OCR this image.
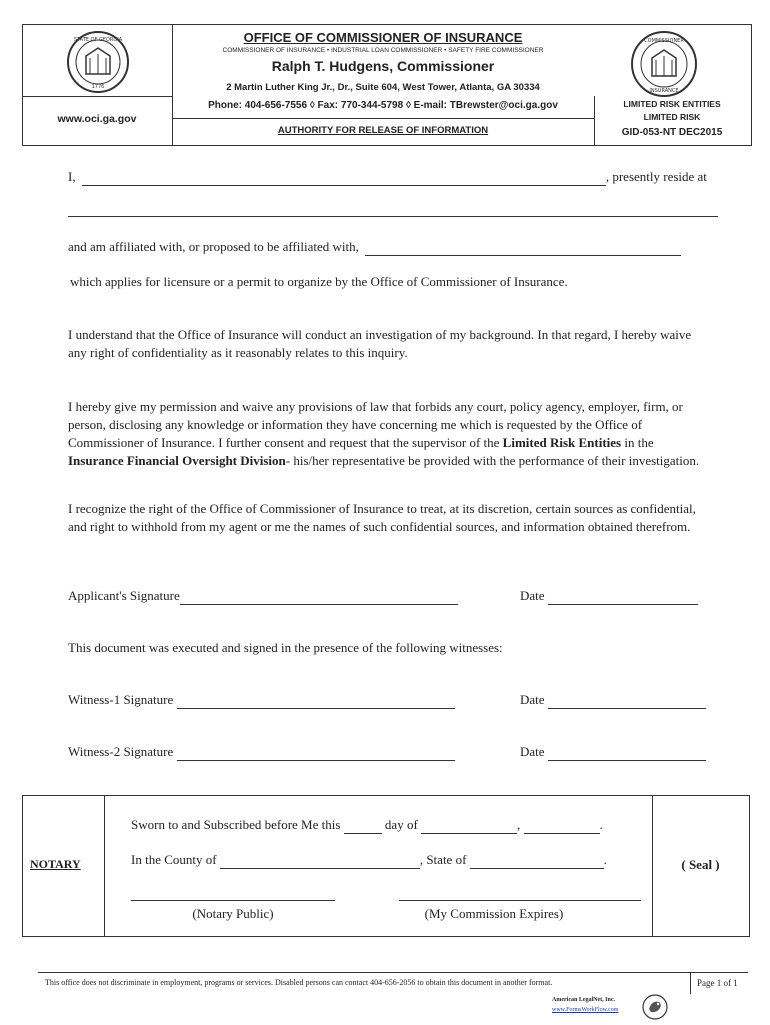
STATE OF GEORGIA
1776
COMMISSIONER
INSURANCE
OFFICE OF COMMISSIONER OF INSURANCE
COMMISSIONER OF INSURANCE • INDUSTRIAL LOAN COMMISSIONER • SAFETY FIRE COMMISSIONER
Ralph T. Hudgens, Commissioner
2 Martin Luther King Jr., Dr., Suite 604, West Tower, Atlanta, GA 30334
Phone: 404-656-7556 ◊ Fax: 770-344-5798 ◊ E-mail: TBrewster@oci.ga.gov
www.oci.ga.gov
AUTHORITY FOR RELEASE OF INFORMATION
LIMITED RISK ENTITIES
LIMITED RISK
GID-053-NT DEC2015
I,	, presently reside at
and am affiliated with, or proposed to be affiliated with,
which applies for licensure or a permit to organize by the Office of Commissioner of Insurance.
I understand that the Office of Insurance will conduct an investigation of my background. In that regard, I hereby waive any right of confidentiality as it reasonably relates to this inquiry.
I hereby give my permission and waive any provisions of law that forbids any court, policy agency, employer, firm, or person, disclosing any knowledge or information they have concerning me which is requested by the Office of Commissioner of Insurance. I further consent and request that the supervisor of the Limited Risk Entities in the Insurance Financial Oversight Division- his/her representative be provided with the performance of their investigation.
I recognize the right of the Office of Commissioner of Insurance to treat, at its discretion, certain sources as confidential, and right to withhold from my agent or me the names of such confidential sources, and information obtained therefrom.
Applicant's Signature	Date
This document was executed and signed in the presence of the following witnesses:
Witness-1 Signature	Date
Witness-2 Signature	Date
NOTARY
Sworn to and Subscribed before Me this	day of	,	.
In the County of	, State of	.	( Seal )
(Notary Public)	(My Commission Expires)
This office does not discriminate in employment, programs or services. Disabled persons can contact 404-656-2056 to obtain this document in another format.	Page 1 of 1
American LegalNet, Inc.
www.FormsWorkFlow.com
